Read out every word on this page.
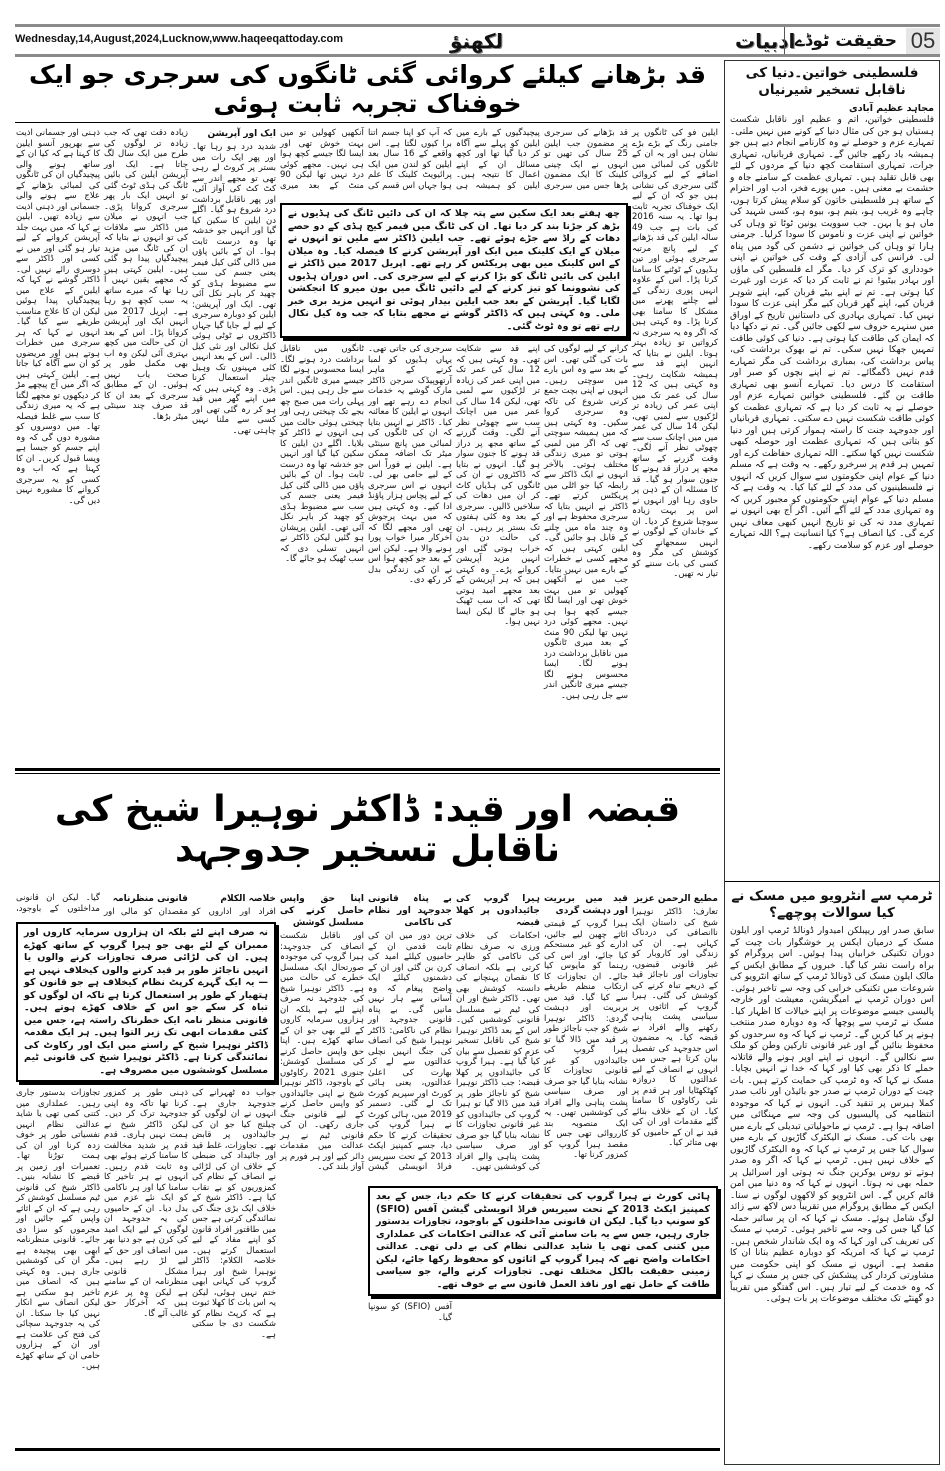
Wednesday,14,August,2024,Lucknow,www.haqeeqattoday.com	لکھنؤ	ادبیات حقیقت ٹوڈے 05
قد بڑھانے کیلئے کروائی گئی ٹانگوں کی سرجری جو ایک خوفناک تجربہ ثابت ہوئی
چھ ہفتے بعد ایک سکین سے پتہ چلا کہ ان کی دائیں ٹانگ کی ہڈیوں نے بڑھ کر جڑنا بند کر دیا تھا۔ ان کی ٹانگ میں فیمر کیج ہڈی کے دو حصے دھات کے راڈ سے جڑے ہوئے تھے۔ جب ایلین ڈاکٹر سے ملیں تو انہوں نے میلان کے ایک کلینک میں ایک اور آپریشن کرنے کا فیصلہ کیا۔ وہ میلان کے اس کلینک میں بھی پریکٹس کر رہے تھے۔ اپریل 2017 میں ڈاکٹر نے ایلین کی بائیں ٹانگ کو بڑا کرنے کے لیے سرجری کی۔ اس دوران ہڈیوں کی نشوونما کو تیز کرنے کے لیے دائیں ٹانگ میں بون میرو کا انجکشن لگایا گیا۔ آپریشن کے بعد جب ایلین بیدار ہوئی تو انہیں مزید بری خبر ملی۔ وہ کہتی ہیں کہ ڈاکٹر گوشے نے مجھے بتایا کہ جب وہ کیل نکال رہے تھے تو وہ ٹوٹ گئی۔
ایلین فو کی ٹانگوں پر جامنی رنگ کے بڑے بڑے نشان ہیں اور یہ ان کے ٹانگوں کی لمبائی میں اضافے کے لیے کروائی گئی سرجری کی نشانی ہیں جو کہ ان کے لیے ایک خوفناک تجربہ ثابت ہوا تھا۔ یہ سنہ 2016 کی بات ہے جب 49 سالہ ایلین کی قد بڑھانے کے لیے پانچ مرتبہ سرجری ہوئی اور تین ہڈیوں کے ٹوٹنے کا سامنا کرنا پڑا۔ اس کے علاوہ انہیں پوری زندگی کے لیے چلنے پھرنے میں مشکل کا سامنا بھی کرنا پڑا۔ وہ کہتی ہیں کہ اگر وہ یہ سرجری نہ کرواتیں تو زیادہ بہتر ہوتا۔ ایلین نے بتایا کہ انہیں اپنے قد سے ہمیشہ شکایت رہی۔ وہ کہتی ہیں کہ 12 سال کی عمر تک میں اپنی عمر کی زیادہ تر لڑکیوں سے لمبی تھی، لیکن 14 سال کی عمر میں میں اچانک سب سے چھوٹی نظر آنے لگی۔ وقت گزرنے کے ساتھ مجھ پر دراز قد ہونے کا جنون سوار ہو گیا۔ قد کا مسئلہ ان کے ذہن پر حاوی رہا اور انہوں نے اس پر بہت زیادہ سوچنا شروع کر دیا۔ ان کے خاندان کے لوگوں نے انہیں سمجھانے کی کوشش کی مگر وہ کسی کی بات سننے کو تیار نہ تھیں۔
قد بڑھانے کی سرجری پر مضمون جب ایلین 25 سال کی تھیں تو انہوں نے ایک چینی کلینک کا ایک مضمون پڑھا جس میں سرجری کرانے کے لیے لوگوں کی بات کی گئی تھی۔ اس کے بعد سے وہ اس بارے میں سوچتی رہیں۔ انہوں نے اپنی بچت جمع کرنی شروع کی تاکہ وہ سرجری کروا سکیں۔ وہ کہتی ہیں کہ میں ہمیشہ سوچتی تھی کہ اگر میں لمبی ہوتی تو میری زندگی مختلف ہوتی۔ بالآخر انہوں نے ایک ڈاکٹر سے رابطہ کیا جو اٹلی میں پریکٹس کرتے تھے۔ ڈاکٹر نے انہیں بتایا کہ سرجری محفوظ ہے اور وہ چند ماہ میں چلنے کے قابل ہو جائیں گی۔ ایلین کہتی ہیں کہ مجھے کسی نے خطرات کے بارے میں نہیں بتایا۔ جب میں نے آنکھیں کھولیں تو میں بہت خوش تھی اور ایسا لگا جیسے کچھ ہوا ہی نہیں۔ مجھے کوئی درد نہیں تھا لیکن 90 منٹ کے بعد میری ٹانگوں میں ناقابل برداشت درد ہونے لگا۔ ایسا محسوس ہونے لگا جیسے میری ٹانگیں اندر سے جل رہی ہیں۔
پیچیدگیوں کے بارے میں ایلین کو پہلے سے آگاہ کر دیا گیا تھا اور کچھ مسائل ان کے اپنے اعمال کا نتیجہ ہیں۔ ایلین کو ہمیشہ ہی اپنے قد سے شکایت تھی۔ وہ کہتی ہیں کہ 12 سال کی عمر تک میں اپنی عمر کی زیادہ تر لڑکیوں سے لمبی تھی، لیکن 14 سال کی عمر میں میں اچانک سب سے چھوٹی نظر آنے لگی۔ وقت گزرنے کے ساتھ مجھ پر دراز قد ہونے کا جنون سوار ہو گیا۔ انہوں نے بتایا کہ ڈاکٹروں نے ان کی ٹانگوں کی ہڈیاں کاٹ کر ان میں دھات کی سلاخیں ڈالیں۔ سرجری کے بعد وہ کئی ہفتوں تک بستر پر رہیں۔ ان کی حالت دن بدن خراب ہوتی گئی اور انہیں مزید آپریشن کروانے پڑے۔ وہ کہتی ہیں کہ ہر آپریشن کے بعد مجھے امید ہوتی تھی کہ اب سب ٹھیک ہو جائے گا لیکن ایسا نہیں ہوا۔
کہ آپ کو اپنا جسم اتنا برا کیوں لگتا ہے۔ اس واقعے کے 16 سال بعد ایلین کو لندن میں ایک پرائیویٹ کلینک کا علم ہوا جہاں اس قسم کی سرجری کی جاتی تھی۔ یہاں ہڈیوں کو لمبا کرنے کے ماہر آرتھوپیڈک سرجن ڈاکٹر مارک گوشے یہ خدمات انجام دے رہے تھے اور انہوں نے ایلین کا معائنہ کیا۔ ڈاکٹر نے انہیں بتایا کہ ان کی ٹانگوں کی لمبائی میں پانچ سینٹی میٹر تک اضافہ ممکن ہے۔ ایلین نے فوراً اس کے لیے حامی بھر لی۔ انہوں نے اس سرجری کے لیے پچاس ہزار پاؤنڈ ادا کیے۔ وہ کہتی ہیں کہ میں بہت پرجوش تھی اور مجھے لگا کہ آخرکار میرا خواب پورا ہونے والا ہے۔ لیکن اس کے بعد جو کچھ ہوا اس نے ان کی زندگی بدل کر رکھ دی۔
آنکھیں کھولیں تو میں بہت خوش تھی اور ایسا لگا جیسے کچھ ہوا ہی نہیں۔ مجھے کوئی درد نہیں تھا لیکن 90 منٹ کے بعد میری ٹانگوں میں ناقابل برداشت درد ہونے لگا۔ ایسا محسوس ہونے لگا جیسے میری ٹانگیں اندر سے جل رہی ہیں۔ اس پہلی رات میں صبح چھ بجے تک چیختی رہی اور چیختی ہوئی حالت میں ہی انہوں نے ڈاکٹر کو بلایا۔ اگلے دن ایلین کا سکین کیا گیا اور انہیں جو خدشہ تھا وہ درست ثابت ہوا۔ ان کے بائیں پاؤں میں ڈالی گئی کیل فیمر یعنی جسم کی سب سے مضبوط ہڈی کو چھید کر باہر نکل آئی تھی۔ ایلین پریشان ہو گئیں لیکن ڈاکٹر نے انہیں تسلی دی کہ سب ٹھیک ہو جائے گا۔
ایک اور آپریشن
شدید درد ہو رہا تھا۔ اور پھر ایک رات میں بستر پر کروٹ لے رہی تھی تو مجھے اندر سے کٹ کٹ کی آواز آئی، اور پھر ناقابل برداشت درد شروع ہو گیا۔ اگلے دن ایلین کا سکین کیا گیا اور انہیں جو خدشہ تھا وہ درست ثابت ہوا۔ ان کے بائیں پاؤں میں ڈالی گئی کیل فیمر یعنی جسم کی سب سے مضبوط ہڈی کو چھید کر باہر نکل آئی تھی۔ ایک اور آپریشن: ایلین کو دوبارہ سرجری کے لیے لے جایا گیا جہاں ڈاکٹروں نے ٹوٹی ہوئی کیل نکالی اور نئی کیل ڈالی۔ اس کے بعد انہیں کئی مہینوں تک وہیل چیئر استعمال کرنا پڑی۔ وہ کہتی ہیں کہ میں اپنے گھر میں قید ہو کر رہ گئی تھی اور کسی سے ملنا نہیں چاہتی تھی۔
زیادہ دقت تھی کہ جب زیادہ تر لوگوں کی طرح میں ایک سال لگ جاتا ہے۔ ایک اور آپریشن ایلین کی بائیں ٹانگ کی ہڈی ٹوٹ گئی تو انہیں ایک بار پھر سرجری کروانا پڑی۔ جب انہوں نے میلان میں ڈاکٹر سے ملاقات کی تو انہوں نے بتایا کہ ان کی ٹانگ میں مزید پیچیدگیاں پیدا ہو گئی ہیں۔ ایلین کہتی ہیں کہ مجھے یقین نہیں آ رہا تھا کہ میرے ساتھ یہ سب کچھ ہو رہا ہے۔ اپریل 2017 میں انہیں ایک اور آپریشن کروانا پڑا۔ اس کے بعد ان کی حالت میں کچھ بہتری آئی لیکن وہ اب بھی مکمل طور پر صحت یاب نہیں ہوئیں۔ ان کے مطابق سرجری کے بعد ان کا قد صرف چند سینٹی میٹر بڑھا۔
ذہنی اور جسمانی اذیت سے بھرپور آنسو ایلین کا کہنا ہے کہ کیا ان کے ساتھ ہونے والی پیچیدگیاں ان کی ٹانگوں کی لمبائی بڑھانے کے علاج سے ہونے والی جسمانی اور ذہنی اذیت سے زیادہ تھیں۔ ایلین نے کہا کہ میں بہت جلد آپریشن کروانے کے لیے تیار ہو گئی اور میں نے کسی اور ڈاکٹر سے دوسری رائے نہیں لی۔ ڈاکٹر گوشے نے کہا کہ ایلین کے علاج میں پیچیدگیاں پیدا ہوئیں لیکن ان کا علاج مناسب طریقے سے کیا گیا۔ انہوں نے کہا کہ ہر سرجری میں خطرات ہوتے ہیں اور مریضوں کو ان سے آگاہ کیا جاتا ہے۔ ایلین کہتی ہیں کہ اگر میں آج پیچھے مڑ کر دیکھوں تو مجھے لگتا ہے کہ یہ میری زندگی کا سب سے غلط فیصلہ تھا۔ میں دوسروں کو مشورہ دوں گی کہ وہ اپنے جسم کو جیسا ہے ویسا قبول کریں۔ ان کا کہنا ہے کہ اب وہ کسی کو یہ سرجری کروانے کا مشورہ نہیں دیں گی۔
قبضہ اور قید: ڈاکٹر نوہیرا شیخ کی ناقابل تسخیر جدوجہد
نہ صرف اپنے لئے بلکہ ان ہزاروں سرمایہ کاروں اور ممبران کے لئے بھی جو ہیرا گروپ کے ساتھ کھڑے ہیں۔ ان کی لڑائی صرف تجاوزات کرنے والوں یا انہیں ناجائز طور پر قید کرنے والوں کیخلاف نہیں ہے — یہ ایک گہرے کرپٹ نظام کیخلاف ہے جو قانون کو ہتھیار کے طور پر استعمال کرتا ہے تاکہ ان لوگوں کو تباہ کر سکے جو اس کے خلاف کھڑے ہوتے ہیں۔ قانونی منظر نامہ ایک خطرناک راستہ ہے، جس میں کئی مقدمات ابھی تک زیر التوا ہیں۔ ہر ایک مقدمہ ڈاکٹر نوہیرا شیخ کے راستے میں ایک اور رکاوٹ کی نمائندگی کرتا ہے۔ ڈاکٹر نوہیرا شیخ کی قانونی ٹیم مسلسل کوششوں میں مصروف ہے۔
ہائی کورٹ نے ہیرا گروپ کی تحقیقات کرنے کا حکم دیا، جس کے بعد کمپنیز ایکٹ 2013 کے تحت سیریس فراڈ انویسٹی گیشن آفس (SFIO) کو سونپ دیا گیا۔ لیکن ان قانونی مداخلتوں کے باوجود، تجاوزات بدستور جاری رہیں، جس سے یہ بات سامنے آئی کہ عدالتی احکامات کی عملداری میں کتنی کمی تھی یا شاید عدالتی نظام کی بے دلی تھی۔ عدالتی احکامات واضح تھے کہ ہیرا گروپ کے اثاثوں کو محفوظ رکھا جائے، لیکن زمینی حقیقت بالکل مختلف تھی۔ تجاوزات کرنے والے، جو سیاسی طاقت کے حامل تھے اور نافذ العمل قانون سے بے خوف تھے۔
مطیع الرحمن عزیز
تعارف: ڈاکٹر نوہیرا شیخ کی داستان ایک ناانصافی کی دردناک کہانی ہے۔ ان کی زندگی اور کاروبار کو غیر قانونی قبضوں، تجاوزات اور ناجائز قید کے ذریعے تباہ کرنے کی کوشش کی گئی۔ ہیرا گروپ کے اثاثوں پر سیاسی پشت پناہی رکھنے والے افراد نے قبضہ کیا۔ یہ مضمون اس جدوجہد کی تفصیل بیان کرتا ہے جس میں انہوں نے انصاف کے لیے عدالتوں کا دروازہ کھٹکھٹایا اور ہر قدم پر نئی رکاوٹوں کا سامنا کیا۔ ان کے خلاف بنائے گئے مقدمات اور ان کی قید نے ان کے حامیوں کو بھی متاثر کیا۔
قید میں بربریت اور دہشت گردی
ہیرا گروپ کے قیمتی اثاثے چھین لیے جائیں، ادارے کو غیر مستحکم کیا جائے، اور اس کی رہنما کو مایوس کیا جائے۔ ان تجاوزات کا ارتکاب منظم طریقے سے کیا گیا۔ قید میں بربریت اور دہشت گردی: ڈاکٹر نوہیرا شیخ کو جب ناجائز طور پر قید میں ڈالا گیا تو ہیرا گروپ کی جائیدادوں کو غیر قانونی تجاوزات کا نشانہ بنایا گیا جو صرف اور صرف سیاسی پشت پناہی والے افراد کی کوششیں تھیں۔ یہ ایک منصوبہ بند کارروائی تھی جس کا مقصد ہیرا گروپ کو کمزور کرنا تھا۔
ہیرا گروپ کی جائیدادوں پر کھلا قبضہ
احکامات کی خلاف ورزی نہ صرف نظام کی ناکامی کو ظاہر کرتی ہے بلکہ انصاف کا نقصان پہنچانے کی دانستہ کوشش بھی تھی۔ ڈاکٹر شیخ اور ان کی ٹیم نے مسلسل قانونی کوششیں کیں۔ اس کے بعد ڈاکٹر نوہیرا شیخ کی ناقابل تسخیر عزم کو تفصیل سے بیان کیا گیا ہے۔ ہیرا گروپ کی جائیدادوں پر کھلا قبضہ: جب ڈاکٹر نوہیرا شیخ کو ناجائز طور پر قید میں ڈالا گیا تو ہیرا گروپ کی جائیدادوں کو غیر قانونی تجاوزات کا نشانہ بنایا گیا جو صرف اور صرف سیاسی پشت پناہی والے افراد کی کوششیں تھیں۔
بے پناہ قانونی جدوجہد اور نظام کی ناکامی
ترین دور میں ان کی ثابت قدمی ان کے حامیوں کیلئے امید کی کرن بن گئی اور ان کے دشمنوں کیلئے ایک واضح پیغام کہ وہ آسانی سے ہار نہیں مانیں گی۔ بے پناہ قانونی جدوجہد اور نظام کی ناکامی: ڈاکٹر نوہیرا شیخ کی انصاف کی جنگ انہیں نچلی عدالتوں سے لے کر بھارت کی اعلیٰ عدالتوں، یعنی ہائی کورٹ اور سپریم کورٹ تک لے گئی۔ دسمبر 2019 میں، ہائی کورٹ نے ہیرا گروپ کی تحقیقات کرنے کا حکم دیا، جسے کمپنیز ایکٹ 2013 کے تحت سیریس فراڈ انویسٹی گیشن آفس (SFIO) کو سونپا گیا۔
اپنا حق واپس حاصل کرنے کی مسلسل کوشش
اور ناقابل شکست انصاف کی جدوجہد: ہیرا گروپ کی موجودہ صورتحال ایک مسلسل خطرے کی حالت میں ہے۔ ڈاکٹر نوہیرا شیخ کی جدوجہد نہ صرف اپنے لئے ہے بلکہ ان ہزاروں سرمایہ کاروں کے لئے بھی جو ان کے ساتھ کھڑے ہیں۔ اپنا حق واپس حاصل کرنے کی مسلسل کوشش: جنوری 2021 رکاوٹوں کے باوجود، ڈاکٹر نوہیرا شیخ نے اپنی جائیدادوں کو واپس حاصل کرنے کے لیے قانونی جنگ جاری رکھی۔ ان کی قانونی ٹیم نے ہر عدالت میں مقدمات دائر کیے اور ہر فورم پر آواز بلند کی۔
خلاصہ الکلام
افراد اور اداروں کو جواب دہ ٹھہرانے کی جدوجہد جاری ہے۔ انہوں نے ان لوگوں کو چیلنج کیا جو ان کی جائیدادوں پر قابض تھے۔ تجاوزات، غلط قید اور جائیداد کی ضبطی کے خلاف ان کی لڑائی نے انصاف کے نظام کی کمزوریوں کو بے نقاب کیا ہے۔ ڈاکٹر شیخ کے خلاف ایک بڑی جنگ کی نمائندگی کرتی ہے جس میں طاقتور افراد قانون کو اپنے مفاد کے لیے استعمال کرتے ہیں۔ خلاصہ الکلام: ڈاکٹر نوہیرا شیخ اور ہیرا گروپ کی کہانی ابھی ختم نہیں ہوئی، لیکن یہ اس بات کا کھلا ثبوت ہے کہ کرپٹ نظام کو شکست دی جا سکتی ہے۔
قانونی منظرنامہ
مقصدان کو مالی اور ذہنی طور پر کمزور کرنا تھا تاکہ وہ اپنی جدوجہد ترک کر دیں۔ لیکن ڈاکٹر شیخ نے ہمت نہیں ہاری۔ قدم قدم پر شدید مخالفت کا سامنا کرتے ہوئے بھی وہ ثابت قدم رہیں۔ انہوں نے ہر تاخیر کا سامنا کیا اور ہر ناکامی کو ایک نئے عزم میں بدل دیا۔ ان کے حامیوں کی یہ جدوجہد ان لوگوں کے لیے ایک امید کی کرن ہے جو دنیا بھر میں انصاف اور حق کے لیے لڑ رہے ہیں۔ مشکل قانونی منظرنامہ ان کے سامنے ہے لیکن وہ پر عزم ہیں کہ آخرکار حق غالب آئے گا۔
گیا۔ لیکن ان قانونی مداخلتوں کے باوجود، تجاوزات بدستور جاری رہیں۔ عملداری میں کتنی کمی تھی یا شاید عدالتی نظام انہیں نفسیاتی طور پر خوف زدہ کرنا اور ان کی ہمت توڑنا تھا۔ تعمیرات اور زمین پر قبضے کا نشانہ بنیں۔ ڈاکٹر شیخ کی قانونی ٹیم مسلسل کوشش کر رہی ہے کہ ان کے اثاثے واپس کیے جائیں اور مجرموں کو سزا دی جائے۔ قانونی منظرنامہ ابھی بھی پیچیدہ ہے مگر ان کی کوششیں جاری ہیں۔ وہ کہتی ہیں کہ انصاف میں تاخیر ہو سکتی ہے لیکن انصاف سے انکار نہیں کیا جا سکتا۔ ان کی یہ جدوجہد سچائی کی فتح کی علامت ہے اور ان کے ہزاروں حامی ان کے ساتھ کھڑے ہیں۔
فلسطینی خواتین۔دنیا کی ناقابل تسخیر شیرنیاں
مجاہد عظیم آبادی
فلسطینی خواتین، اتم و عظیم اور ناقابل شکست ہستیاں ہو جن کی مثال دنیا کے کونے میں نہیں ملتی۔ تمہارے عزم و حوصلے نے وہ کارنامے انجام دیے ہیں جو ہمیشہ یاد رکھے جائیں گے۔ تمہاری قربانیاں، تمہاری جرات، تمہاری استقامت کچھ دنیا کے مردوں کے لئے بھی قابل تقلید ہیں۔ تمہاری عظمت کے سامنے جاہ و حشمت بے معنی ہیں۔ میں پورے فخر، ادب اور احترام کے ساتھ ہر فلسطینی خاتون کو سلام پیش کرتا ہوں، چاہے وہ غریب ہو، یتیم ہو، بیوہ ہو، کسی شہید کی ماں ہو یا بہن۔ جب سوویت یونین ٹوٹا تو وہاں کی خواتین نے اپنی عزت و ناموس کا سودا کرلیا۔ جرمنی ہارا تو وہاں کی خواتین نے دشمن کی گود میں پناہ لی۔ فرانس کی آزادی کے وقت کی خواتین نے اپنی خودداری کو ترک کر دیا۔ مگر اے فلسطین کی ماؤں اور بہادر بیٹیو! تم نے ثابت کر دیا کہ عزت اور غیرت کیا ہوتی ہے۔ تم نے اپنے بیٹے قربان کیے، اپنے شوہر قربان کیے، اپنے گھر قربان کیے مگر اپنی عزت کا سودا نہیں کیا۔ تمہاری بہادری کی داستانیں تاریخ کے اوراق میں سنہرے حروف سے لکھی جائیں گی۔ تم نے دکھا دیا کہ ایمان کی طاقت کیا ہوتی ہے۔ دنیا کی کوئی طاقت تمہیں جھکا نہیں سکی۔ تم نے بھوک برداشت کی، پیاس برداشت کی، بمباری برداشت کی مگر تمہارے قدم نہیں ڈگمگائے۔ تم نے اپنے بچوں کو صبر اور استقامت کا درس دیا۔ تمہارے آنسو بھی تمہاری طاقت بن گئے۔ فلسطینی خواتین تمہارے عزم اور حوصلے نے یہ ثابت کر دیا ہے کہ تمہاری عظمت کو کوئی طاقت شکست نہیں دے سکتی۔ تمہاری قربانیاں اور جدوجہد جنت کا راستہ ہموار کرتی ہیں اور دنیا کو بتاتی ہیں کہ تمہاری عظمت اور حوصلہ کبھی شکست نہیں کھا سکتے۔ اللہ تمہاری حفاظت کرے اور تمہیں ہر قدم پر سرخرو رکھے۔ یہ وقت ہے کہ مسلم دنیا کے عوام اپنی حکومتوں سے سوال کریں کہ انہوں نے فلسطینیوں کی مدد کے لئے کیا کیا۔ یہ وقت ہے کہ مسلم دنیا کے عوام اپنی حکومتوں کو مجبور کریں کہ وہ تمہاری مدد کے لئے آگے آئیں۔ اگر آج بھی انہوں نے تمہاری مدد نہ کی تو تاریخ انہیں کبھی معاف نہیں کرے گی۔ کیا انصاف ہے؟ کیا انسانیت ہے؟ اللہ تمہارے حوصلے اور عزم کو سلامت رکھے۔
ٹرمپ سے انٹرویو میں مسک نے کیا سوالات پوچھے؟
سابق صدر اور ریپبلکن امیدوار ڈونالڈ ٹرمپ اور ایلون مسک کے درمیان ایکس پر خوشگوار بات چیت کے دوران تکنیکی خرابیاں پیدا ہوئیں۔ اس پروگرام کو براہ راست نشر کیا گیا۔ خبروں کے مطابق ایکس کے مالک ایلون مسک کی ڈونالڈ ٹرمپ کے ساتھ انٹرویو کی شروعات میں تکنیکی خرابی کی وجہ سے تاخیر ہوئی۔ اس دوران ٹرمپ نے امیگریشن، معیشت اور خارجہ پالیسی جیسے موضوعات پر اپنے خیالات کا اظہار کیا۔ مسک نے ٹرمپ سے پوچھا کہ وہ دوبارہ صدر منتخب ہونے پر کیا کریں گے۔ ٹرمپ نے کہا کہ وہ سرحدوں کو محفوظ بنائیں گے اور غیر قانونی تارکین وطن کو ملک سے نکالیں گے۔ انہوں نے اپنے اوپر ہونے والے قاتلانہ حملے کا ذکر بھی کیا اور کہا کہ خدا نے انہیں بچایا۔ مسک نے کہا کہ وہ ٹرمپ کی حمایت کرتے ہیں۔ بات چیت کے دوران ٹرمپ نے صدر جو بائیڈن اور نائب صدر کملا ہیرس پر تنقید کی۔ انہوں نے کہا کہ موجودہ انتظامیہ کی پالیسیوں کی وجہ سے مہنگائی میں اضافہ ہوا ہے۔ ٹرمپ نے ماحولیاتی تبدیلی کے بارے میں بھی بات کی۔ مسک نے الیکٹرک گاڑیوں کے بارے میں سوال کیا جس پر ٹرمپ نے کہا کہ وہ الیکٹرک گاڑیوں کے خلاف نہیں ہیں۔ ٹرمپ نے کہا کہ اگر وہ صدر ہوتے تو روس یوکرین جنگ نہ ہوتی اور اسرائیل پر حملہ بھی نہ ہوتا۔ انہوں نے کہا کہ وہ دنیا میں امن قائم کریں گے۔ اس انٹرویو کو لاکھوں لوگوں نے سنا۔ ایکس کے مطابق پروگرام میں تقریباً دس لاکھ سے زائد لوگ شامل ہوئے۔ مسک نے کہا کہ ان پر سائبر حملہ کیا گیا جس کی وجہ سے تاخیر ہوئی۔ ٹرمپ نے مسک کی تعریف کی اور کہا کہ وہ ایک شاندار شخص ہیں۔ ٹرمپ نے کہا کہ امریکہ کو دوبارہ عظیم بنانا ان کا مقصد ہے۔ انہوں نے مسک کو اپنی حکومت میں مشاورتی کردار کی پیشکش کی جس پر مسک نے کہا کہ وہ خدمت کے لیے تیار ہیں۔ اس گفتگو میں تقریباً دو گھنٹے تک مختلف موضوعات پر بات ہوئی۔
